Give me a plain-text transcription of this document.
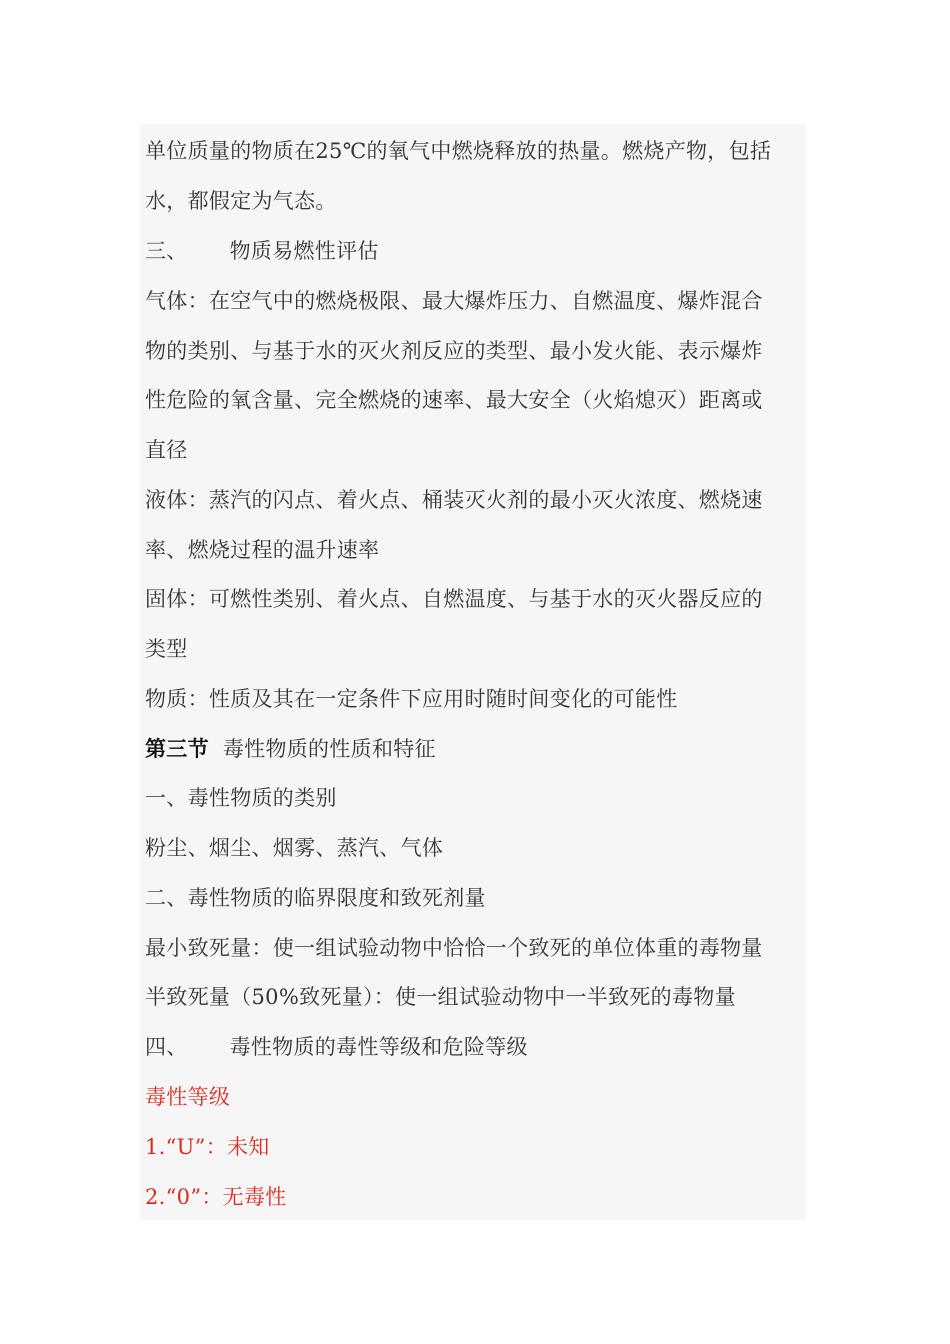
单位质量的物质在25℃的氧气中燃烧释放的热量。燃烧产物，包括
水，都假定为气态。
三、 物质易燃性评估
气体：在空气中的燃烧极限、最大爆炸压力、自燃温度、爆炸混合
物的类别、与基于水的灭火剂反应的类型、最小发火能、表示爆炸
性危险的氧含量、完全燃烧的速率、最大安全（火焰熄灭）距离或
直径
液体：蒸汽的闪点、着火点、桶装灭火剂的最小灭火浓度、燃烧速
率、燃烧过程的温升速率
固体：可燃性类别、着火点、自燃温度、与基于水的灭火器反应的
类型
物质：性质及其在一定条件下应用时随时间变化的可能性
第三节 毒性物质的性质和特征
一、毒性物质的类别
粉尘、烟尘、烟雾、蒸汽、气体
二、毒性物质的临界限度和致死剂量
最小致死量：使一组试验动物中恰恰一个致死的单位体重的毒物量
半致死量（50%致死量）：使一组试验动物中一半致死的毒物量
四、 毒性物质的毒性等级和危险等级
毒性等级
1.“U”：未知
2.“0”：无毒性
